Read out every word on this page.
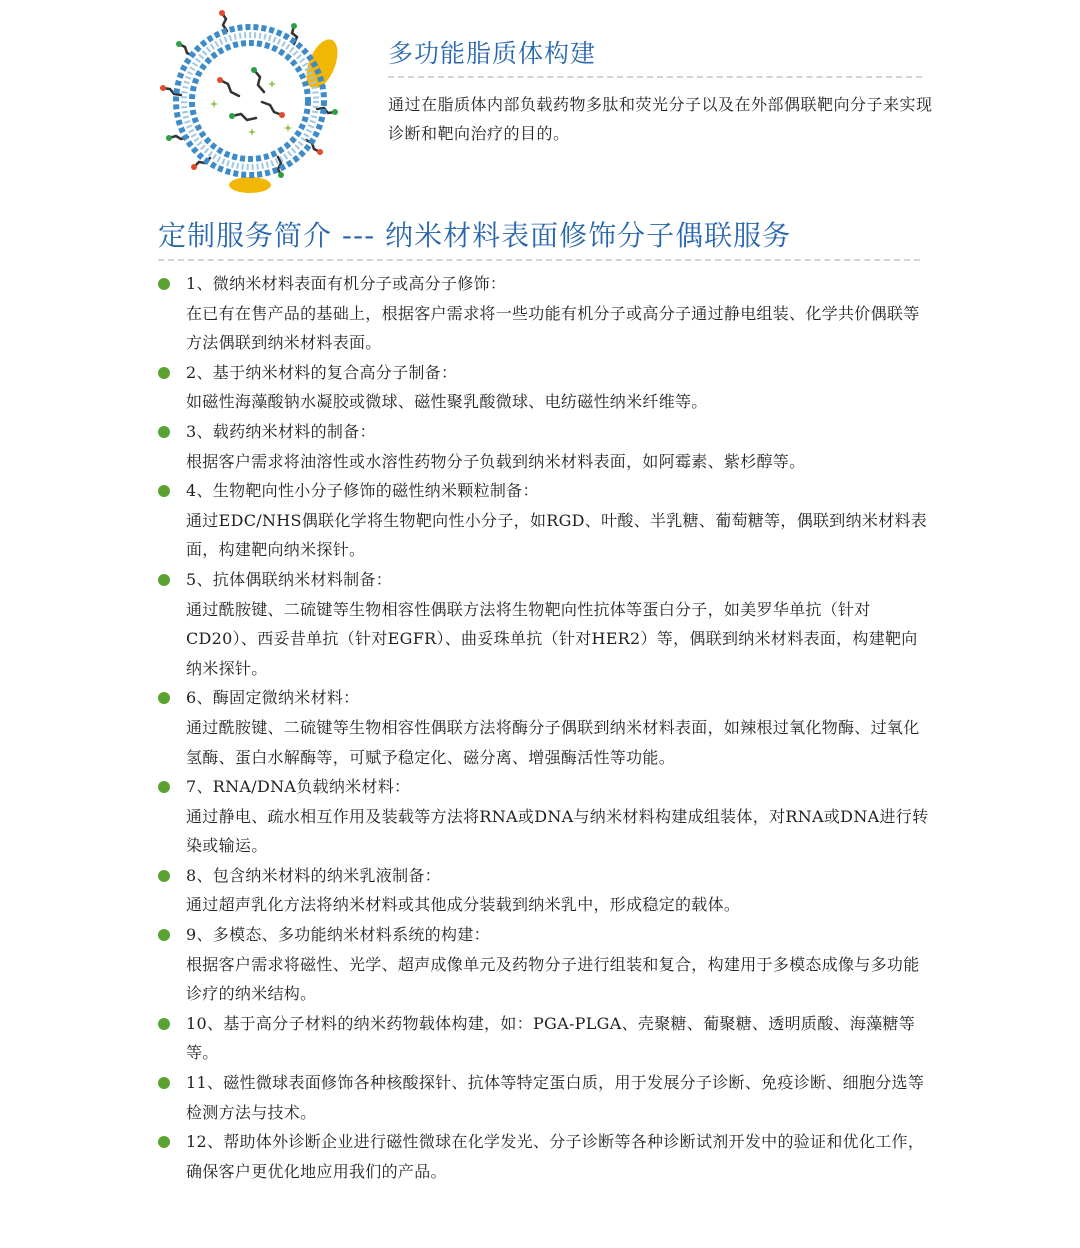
多功能脂质体构建
通过在脂质体内部负载药物多肽和荧光分子以及在外部偶联靶向分子来实现诊断和靶向治疗的目的。
定制服务简介 --- 纳米材料表面修饰分子偶联服务
1、微纳米材料表面有机分子或高分子修饰：
在已有在售产品的基础上，根据客户需求将一些功能有机分子或高分子通过静电组装、化学共价偶联等方法偶联到纳米材料表面。
2、基于纳米材料的复合高分子制备：
如磁性海藻酸钠水凝胶或微球、磁性聚乳酸微球、电纺磁性纳米纤维等。
3、载药纳米材料的制备：
根据客户需求将油溶性或水溶性药物分子负载到纳米材料表面，如阿霉素、紫杉醇等。
4、生物靶向性小分子修饰的磁性纳米颗粒制备：
通过EDC/NHS偶联化学将生物靶向性小分子，如RGD、叶酸、半乳糖、葡萄糖等，偶联到纳米材料表面，构建靶向纳米探针。
5、抗体偶联纳米材料制备：
通过酰胺键、二硫键等生物相容性偶联方法将生物靶向性抗体等蛋白分子，如美罗华单抗（针对CD20）、西妥昔单抗（针对EGFR）、曲妥珠单抗（针对HER2）等，偶联到纳米材料表面，构建靶向纳米探针。
6、酶固定微纳米材料：
通过酰胺键、二硫键等生物相容性偶联方法将酶分子偶联到纳米材料表面，如辣根过氧化物酶、过氧化氢酶、蛋白水解酶等，可赋予稳定化、磁分离、增强酶活性等功能。
7、RNA/DNA负载纳米材料：
通过静电、疏水相互作用及装载等方法将RNA或DNA与纳米材料构建成组装体，对RNA或DNA进行转染或输运。
8、包含纳米材料的纳米乳液制备：
通过超声乳化方法将纳米材料或其他成分装载到纳米乳中，形成稳定的载体。
9、多模态、多功能纳米材料系统的构建：
根据客户需求将磁性、光学、超声成像单元及药物分子进行组装和复合，构建用于多模态成像与多功能诊疗的纳米结构。
10、基于高分子材料的纳米药物载体构建，如：PGA-PLGA、壳聚糖、葡聚糖、透明质酸、海藻糖等等。
11、磁性微球表面修饰各种核酸探针、抗体等特定蛋白质，用于发展分子诊断、免疫诊断、细胞分选等检测方法与技术。
12、帮助体外诊断企业进行磁性微球在化学发光、分子诊断等各种诊断试剂开发中的验证和优化工作，确保客户更优化地应用我们的产品。
